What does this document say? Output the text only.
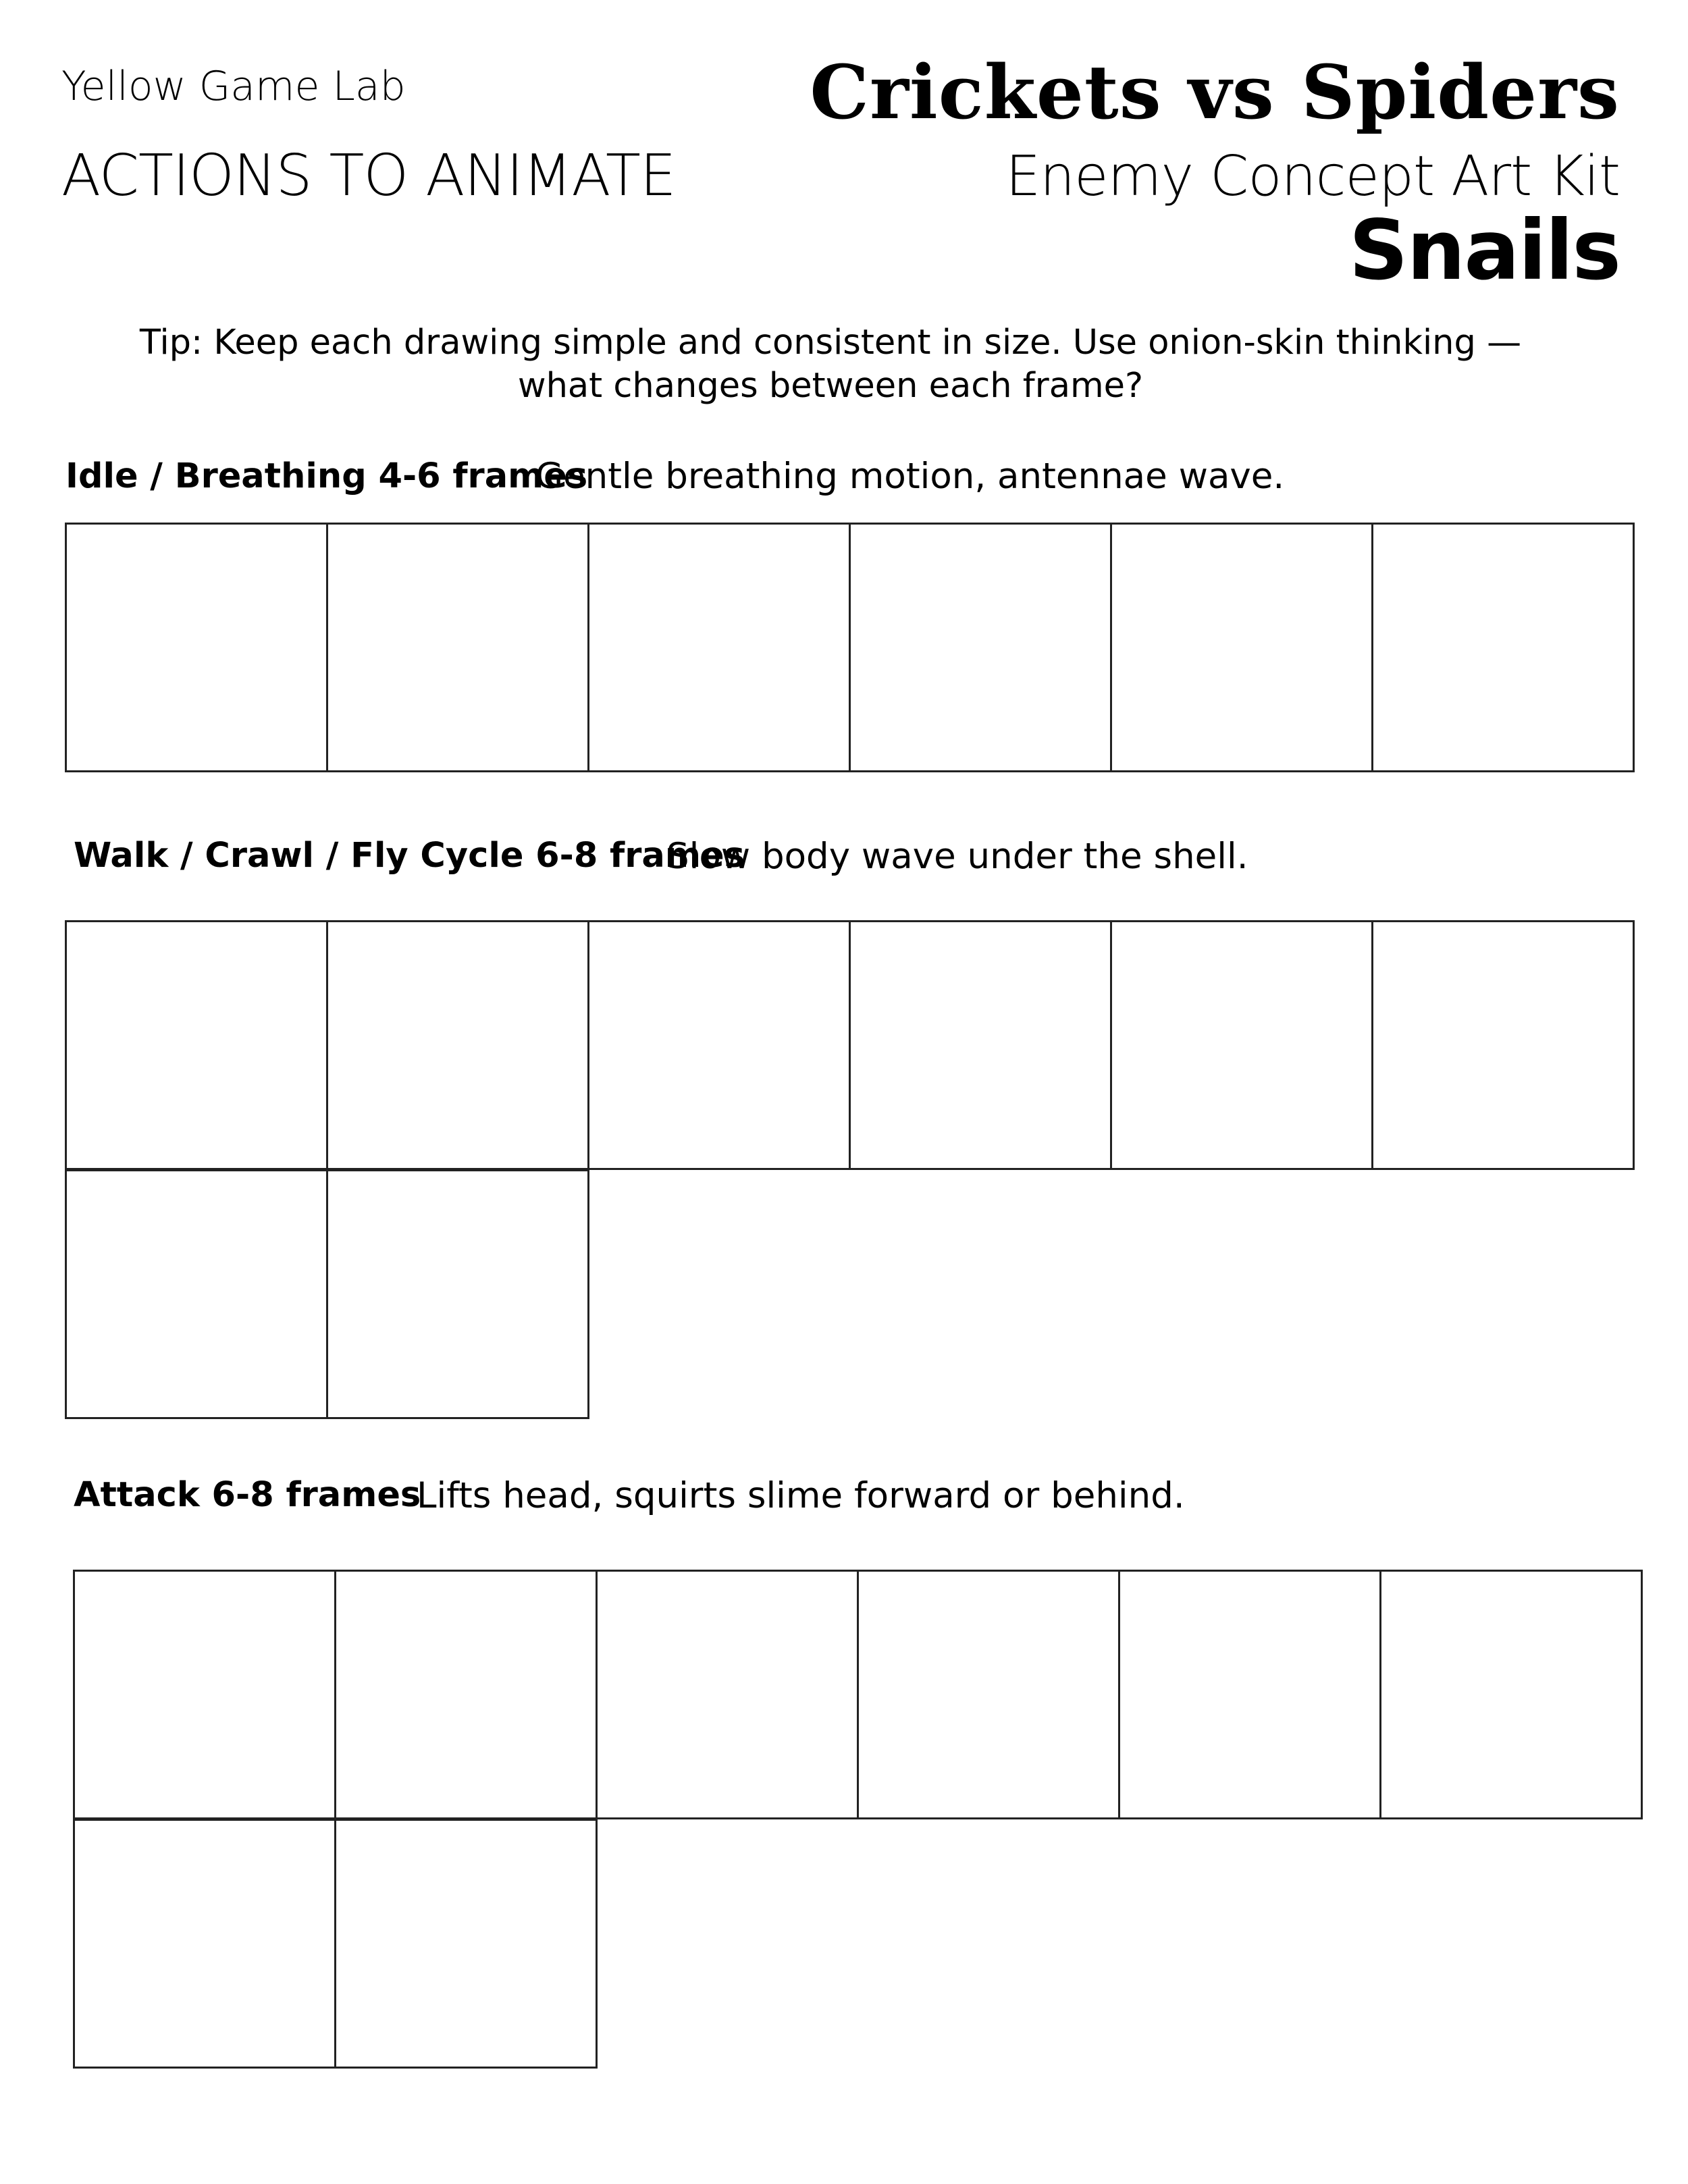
Yellow Game Lab
ACTIONS TO ANIMATE
Crickets vs Spiders
Enemy Concept Art Kit
Snails
Tip: Keep each drawing simple and consistent in size. Use onion-skin thinking — what changes between each frame?
Idle / Breathing 4-6 frames
Gentle breathing motion, antennae wave.
Walk / Crawl / Fly Cycle 6-8 frames
Slow body wave under the shell.
Attack 6-8 frames
Lifts head, squirts slime forward or behind.
